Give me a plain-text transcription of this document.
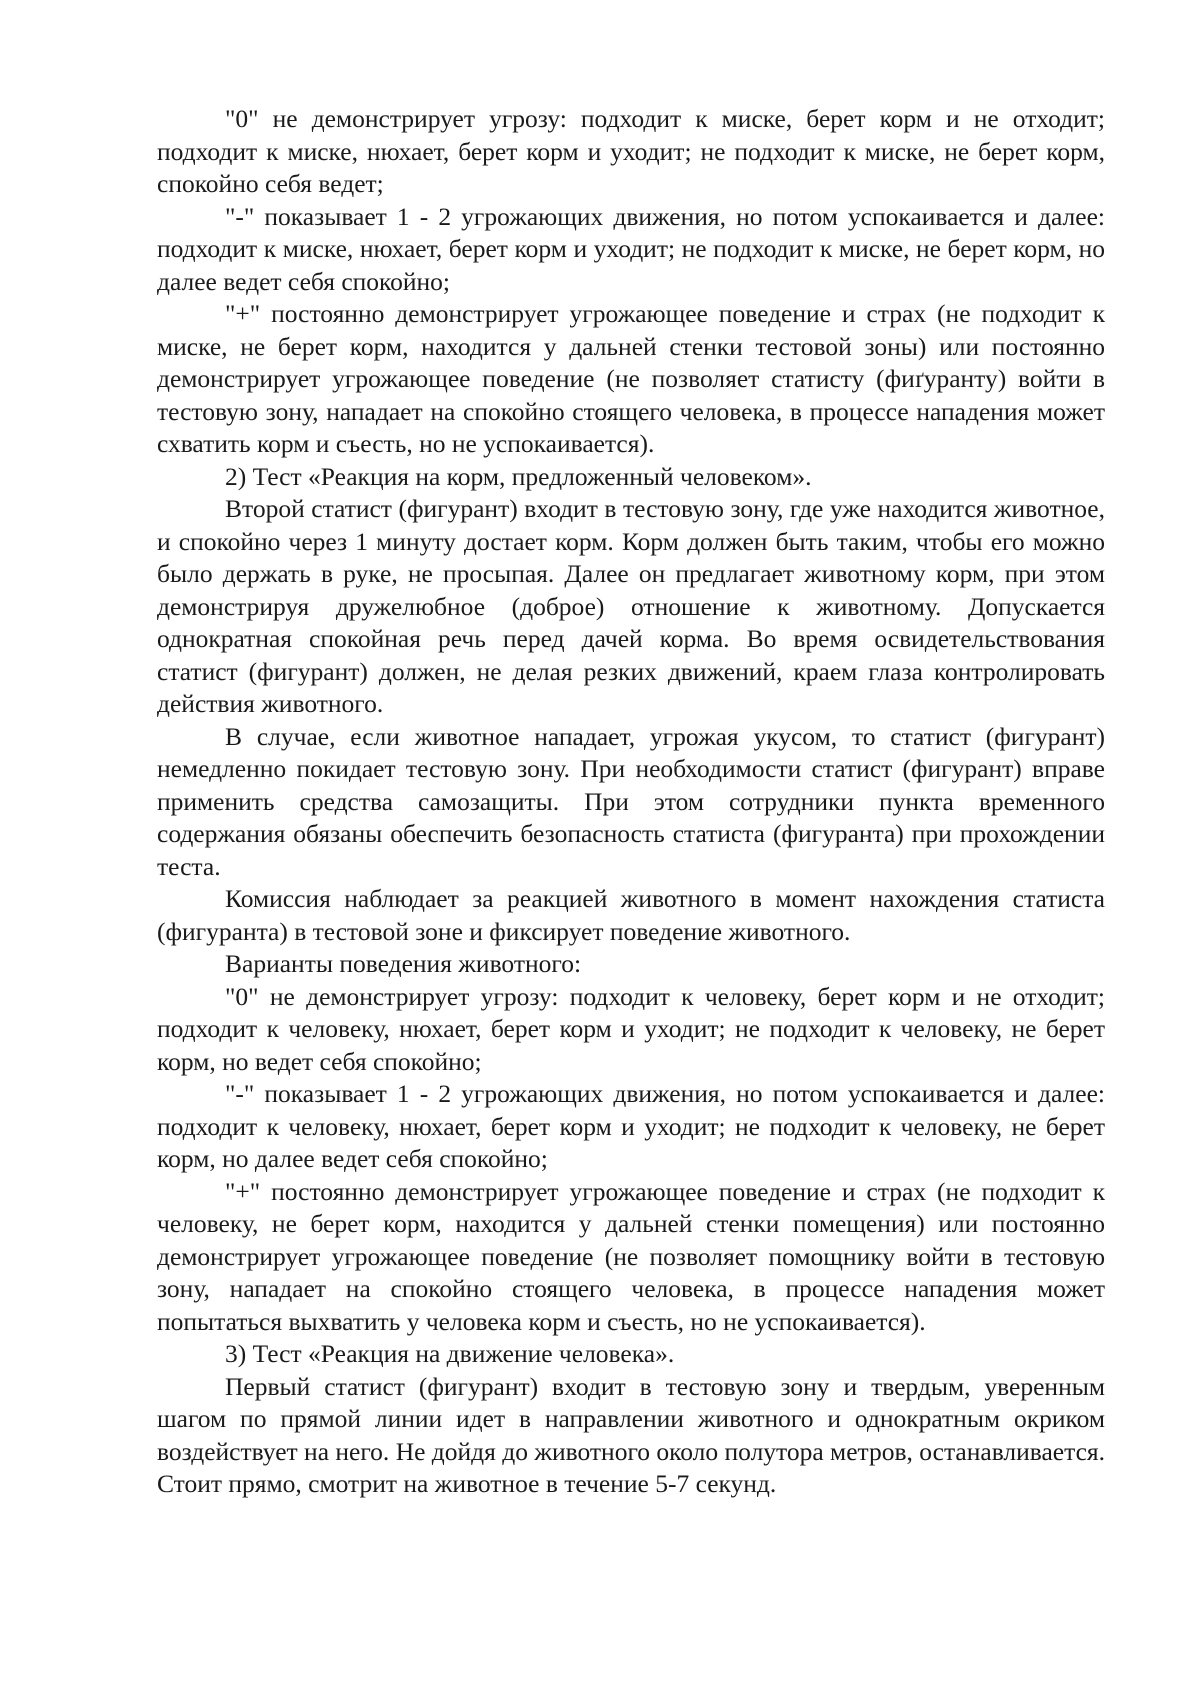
"0" не демонстрирует угрозу: подходит к миске, берет корм и не отходит; подходит к миске, нюхает, берет корм и уходит; не подходит к миске, не берет корм, спокойно себя ведет;

"-" показывает 1 - 2 угрожающих движения, но потом успокаивается и далее: подходит к миске, нюхает, берет корм и уходит; не подходит к миске, не берет корм, но далее ведет себя спокойно;

"+" постоянно демонстрирует угрожающее поведение и страх (не подходит к миске, не берет корм, находится у дальней стенки тестовой зоны) или постоянно демонстрирует угрожающее поведение (не позволяет статисту (фиґуранту) войти в тестовую зону, нападает на спокойно стоящего человека, в процессе нападения может схватить корм и съесть, но не успокаивается).

2) Тест «Реакция на корм, предложенный человеком».

Второй статист (фигурант) входит в тестовую зону, где уже находится животное, и спокойно через 1 минуту достает корм. Корм должен быть таким, чтобы его можно было держать в руке, не просыпая. Далее он предлагает животному корм, при этом демонстрируя дружелюбное (доброе) отношение к животному. Допускается однократная спокойная речь перед дачей корма. Во время освидетельствования статист (фигурант) должен, не делая резких движений, краем глаза контролировать действия животного.

В случае, если животное нападает, угрожая укусом, то статист (фигурант) немедленно покидает тестовую зону. При необходимости статист (фигурант) вправе применить средства самозащиты. При этом сотрудники пункта временного содержания обязаны обеспечить безопасность статиста (фигуранта) при прохождении теста.

Комиссия наблюдает за реакцией животного в момент нахождения статиста (фигуранта) в тестовой зоне и фиксирует поведение животного.

Варианты поведения животного:

"0" не демонстрирует угрозу: подходит к человеку, берет корм и не отходит; подходит к человеку, нюхает, берет корм и уходит; не подходит к человеку, не берет корм, но ведет себя спокойно;

"-" показывает 1 - 2 угрожающих движения, но потом успокаивается и далее: подходит к человеку, нюхает, берет корм и уходит; не подходит к человеку, не берет корм, но далее ведет себя спокойно;

"+" постоянно демонстрирует угрожающее поведение и страх (не подходит к человеку, не берет корм, находится у дальней стенки помещения) или постоянно демонстрирует угрожающее поведение (не позволяет помощнику войти в тестовую зону, нападает на спокойно стоящего человека, в процессе нападения может попытаться выхватить у человека корм и съесть, но не успокаивается).

3) Тест «Реакция на движение человека».

Первый статист (фигурант) входит в тестовую зону и твердым, уверенным шагом по прямой линии идет в направлении животного и однократным окриком воздействует на него. Не дойдя до животного около полутора метров, останавливается. Стоит прямо, смотрит на животное в течение 5-7 секунд.
